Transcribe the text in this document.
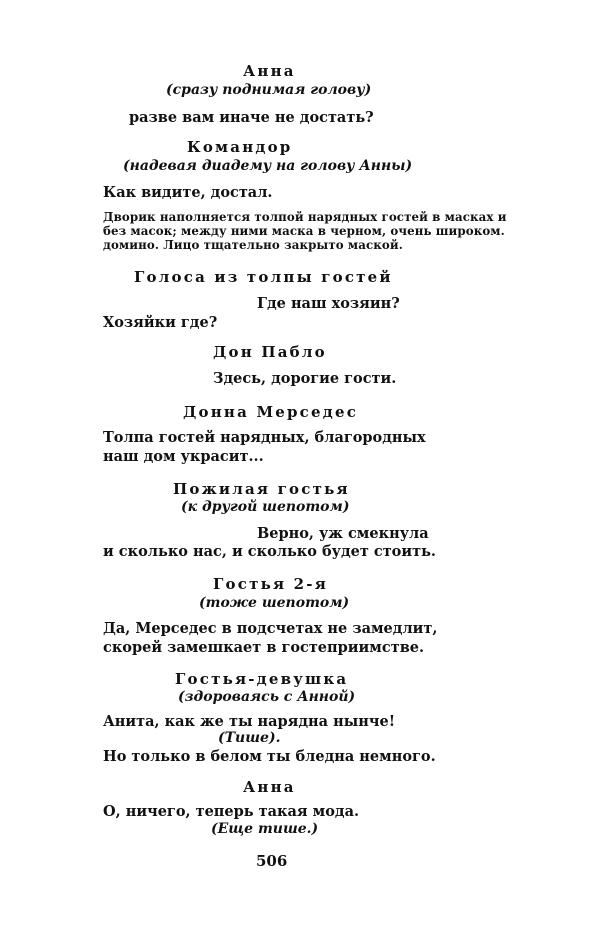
Анна

(сразу поднимая голову)

разве вам иначе не достать?

Командор

(надевая диадему на голову Анны)

Как видите, достал.

Дворик наполняется толпой нарядных гостей в масках и

без масок; между ними маска в черном, очень широком.

домино. Лицо тщательно закрыто маской.

Голоса из толпы гостей

Где наш хозяин?

Хозяйки где?

Дон Пабло

Здесь, дорогие гости.

Донна Мерседес

Толпа гостей нарядных, благородных

наш дом украсит...

Пожилая гостья

(к другой шепотом)

Верно, уж смекнула

и сколько нас, и сколько будет стоить.

Гостья 2-я

(тоже шепотом)

Да, Мерседес в подсчетах не замедлит,

скорей замешкает в гостеприимстве.

Гостья-девушка

(здороваясь с Анной)

Анита, как же ты нарядна нынче!

(Тише).

Но только в белом ты бледна немного.

Анна

О, ничего, теперь такая мода.

(Еще тише.)

506
